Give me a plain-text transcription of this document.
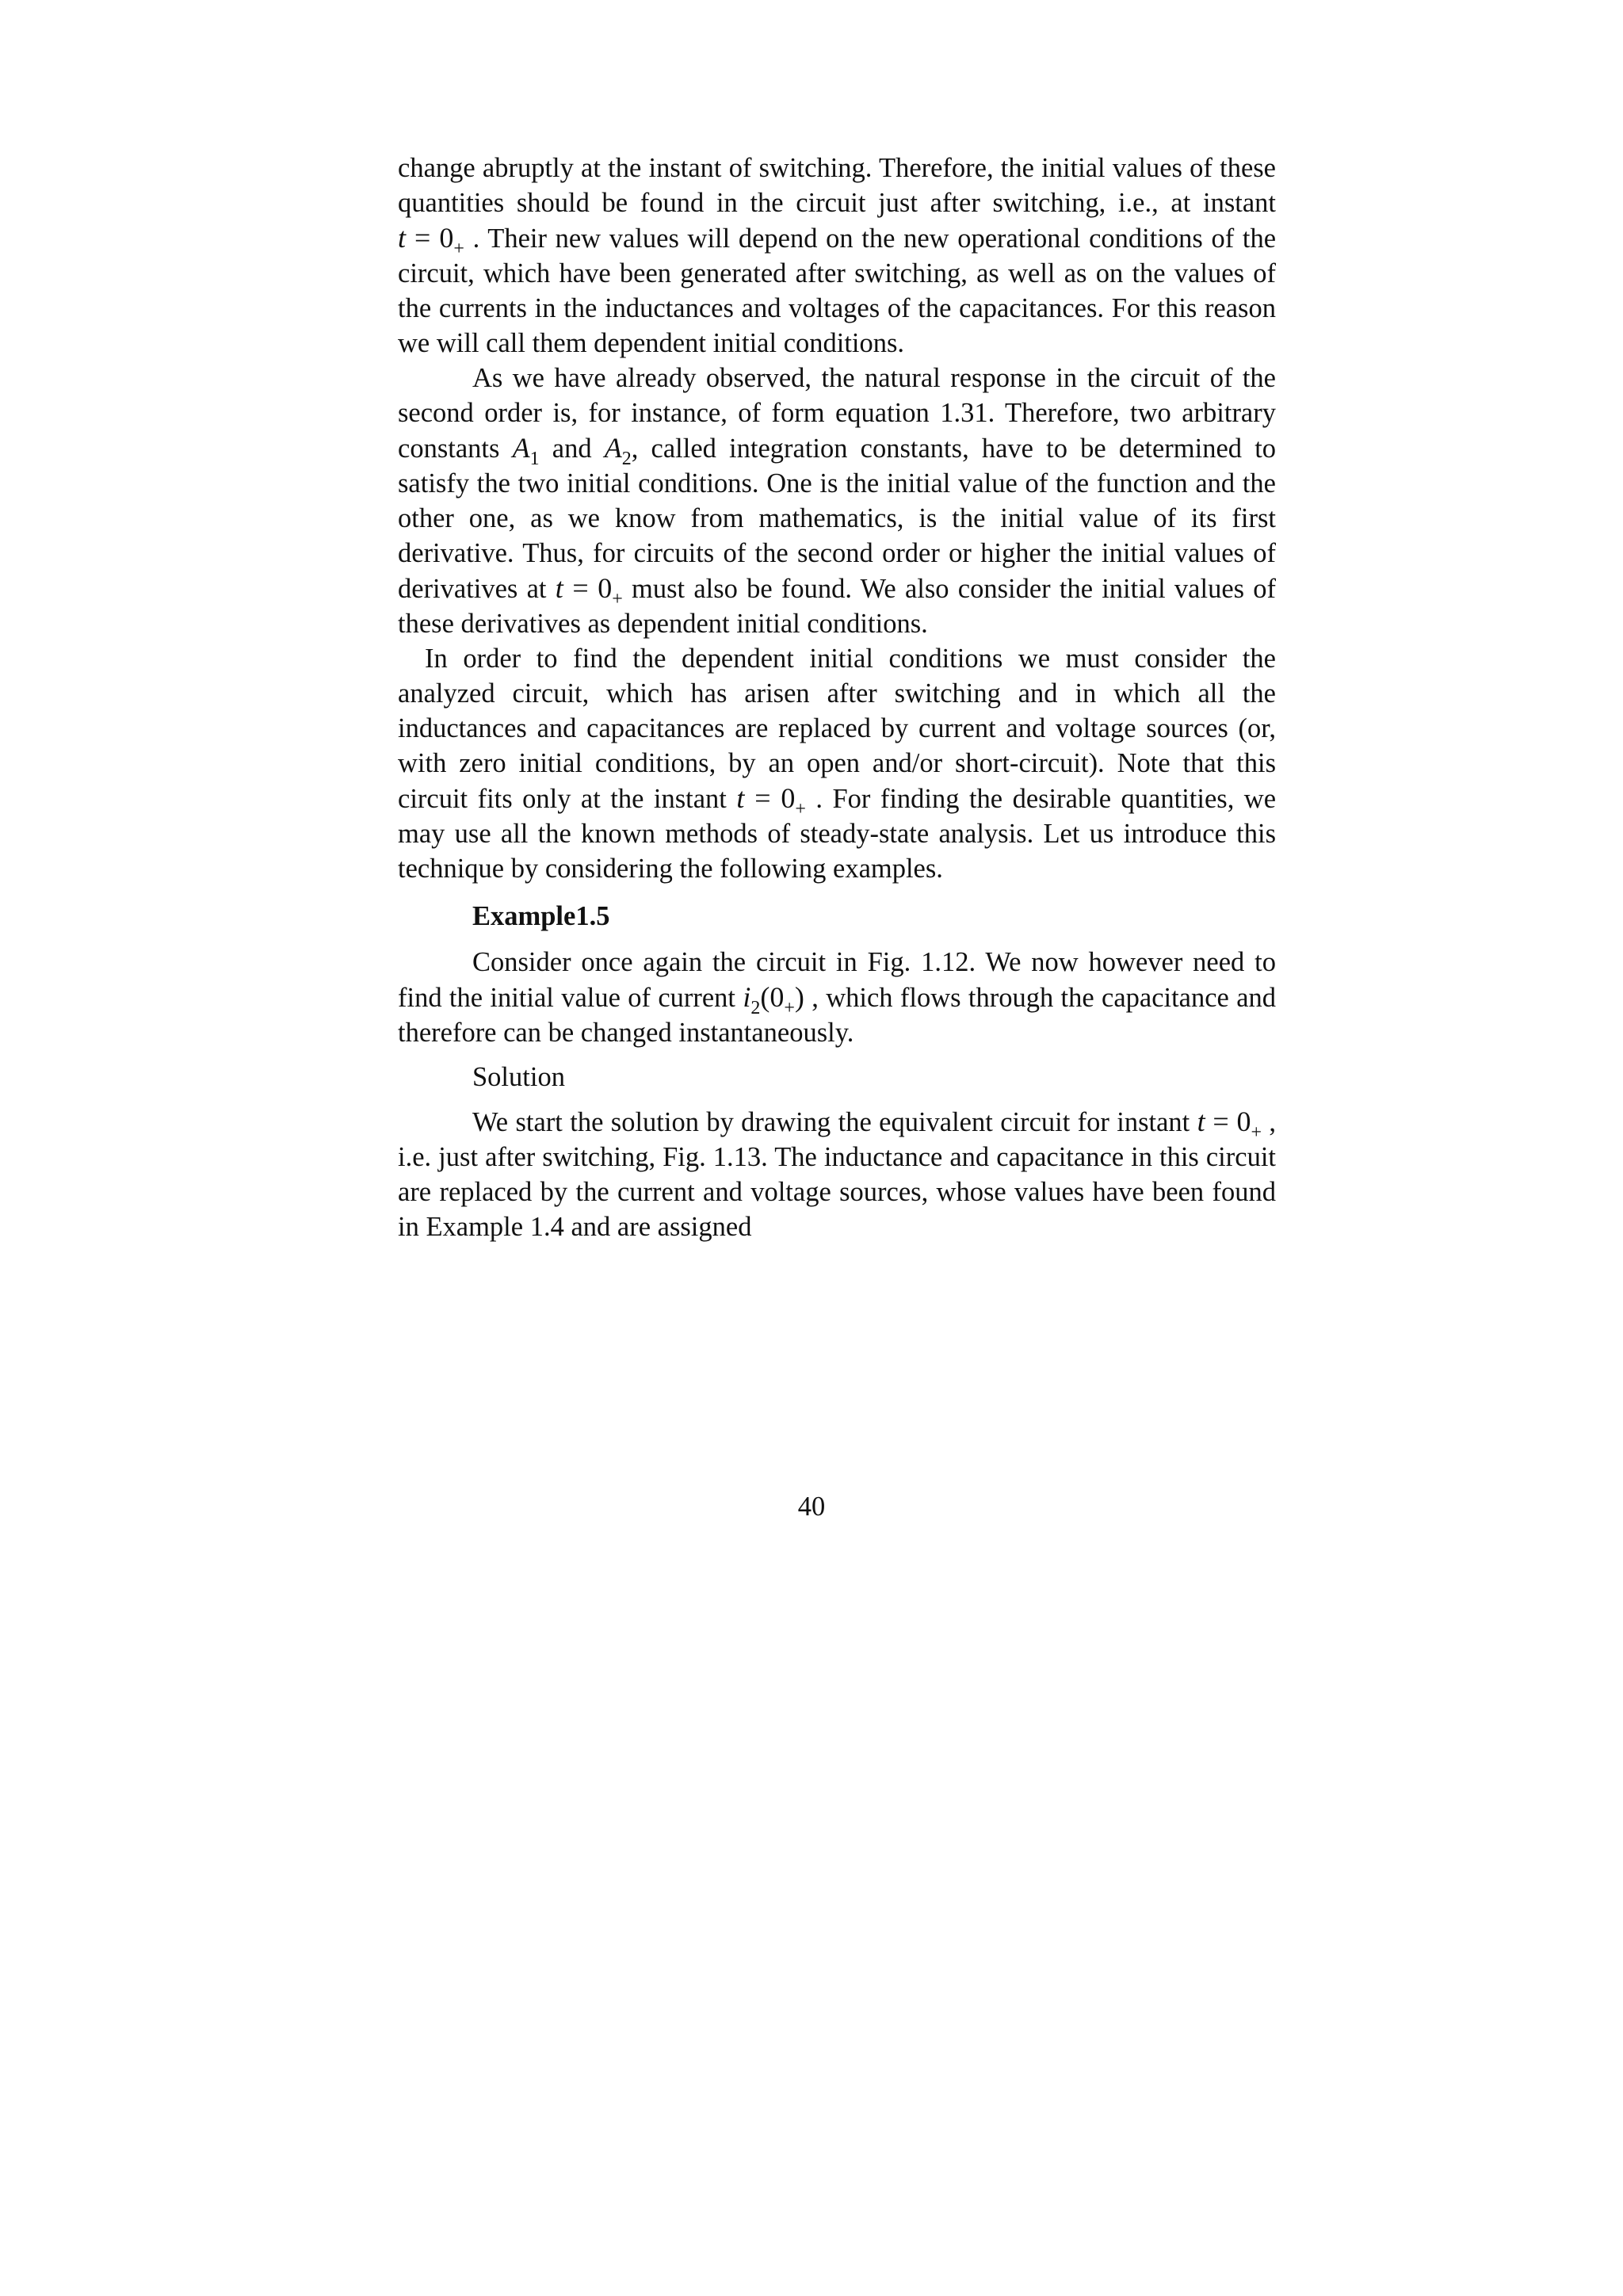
change abruptly at the instant of switching. Therefore, the initial values of these quantities should be found in the circuit just after switching, i.e., at instant $t = 0_+$ . Their new values will depend on the new operational conditions of the circuit, which have been generated after switching, as well as on the values of the currents in the inductances and voltages of the capacitances. For this reason we will call them dependent initial conditions.

As we have already observed, the natural response in the circuit of the second order is, for instance, of form equation 1.31. Therefore, two arbitrary constants $A_1$ and $A_2$, called integration constants, have to be determined to satisfy the two initial conditions. One is the initial value of the function and the other one, as we know from mathematics, is the initial value of its first derivative. Thus, for circuits of the second order or higher the initial values of derivatives at $t = 0_+$ must also be found. We also consider the initial values of these derivatives as dependent initial conditions.

In order to find the dependent initial conditions we must consider the analyzed circuit, which has arisen after switching and in which all the inductances and capacitances are replaced by current and voltage sources (or, with zero initial conditions, by an open and/or short-circuit). Note that this circuit fits only at the instant $t = 0_+$ . For finding the desirable quantities, we may use all the known methods of steady-state analysis. Let us introduce this technique by considering the following examples.

Example1.5

Consider once again the circuit in Fig. 1.12. We now however need to find the initial value of current $i_2(0_+)$ , which flows through the capacitance and therefore can be changed instantaneously.

Solution

We start the solution by drawing the equivalent circuit for instant $t = 0_+$ , i.e. just after switching, Fig. 1.13. The inductance and capacitance in this circuit are replaced by the current and voltage sources, whose values have been found in Example 1.4 and are assigned

40
